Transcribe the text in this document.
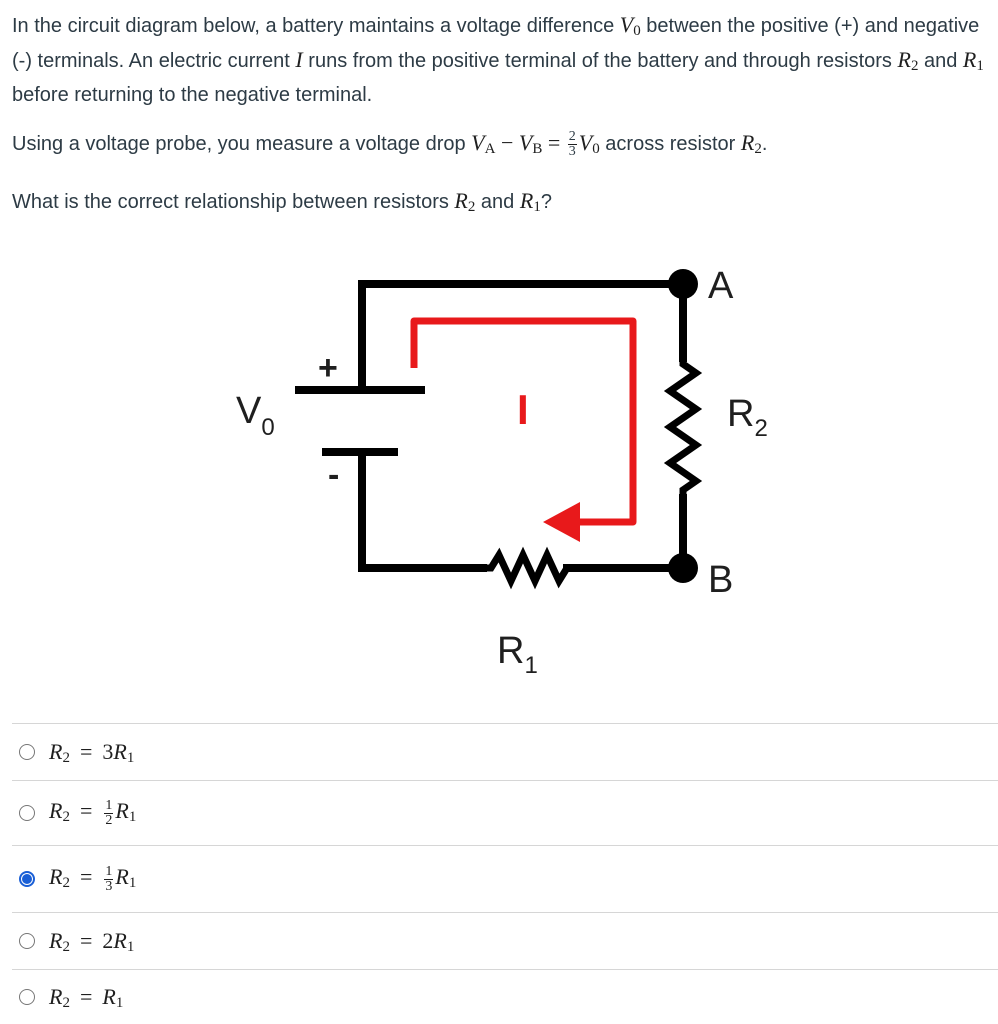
In the circuit diagram below, a battery maintains a voltage difference $V_0$ between the positive (+) and negative (-) terminals. An electric current I runs from the positive terminal of the battery and through resistors $R_2$ and $R_1$ before returning to the negative terminal.
Using a voltage probe, you measure a voltage drop $V_A - V_B = \frac{2}{3} V_0$ across resistor $R_2$.
What is the correct relationship between resistors $R_2$ and $R_1$?
A
B
$R_2$
$R_1$
$V_0$
+
-
I
$R_2 = 3R_1$
$R_2 = \frac{1}{2} R_1$
$R_2 = \frac{1}{3} R_1$
$R_2 = 2R_1$
$R_2 = R_1$
